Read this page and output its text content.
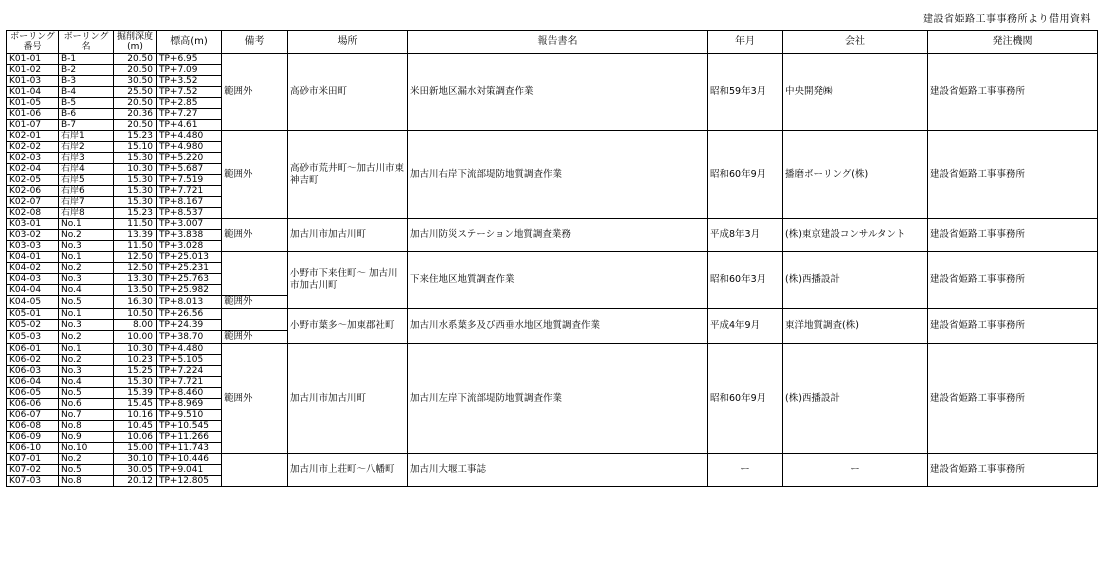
建設省姫路工事事務所より借用資料
ボーリング番号	ボーリング名	掘削深度(m)	標高(m)	備考	場所	報告書名	年月	会社	発注機関
K01-01	B-1	20.50	TP+6.95	範囲外	高砂市米田町	米田新地区漏水対策調査作業	昭和59年3月	中央開発㈱	建設省姫路工事事務所
K01-02	B-2	20.50	TP+7.09						
K01-03	B-3	30.50	TP+3.52						
K01-04	B-4	25.50	TP+7.52						
K01-05	B-5	20.50	TP+2.85						
K01-06	B-6	20.36	TP+7.27						
K01-07	B-7	20.50	TP+4.61						
K02-01	右岸1	15.23	TP+4.480	範囲外	高砂市荒井町～加古川市東神吉町	加古川右岸下流部堤防地質調査作業	昭和60年9月	播磨ボーリング(株)	建設省姫路工事事務所
K02-02	右岸2	15.10	TP+4.980						
K02-03	右岸3	15.30	TP+5.220						
K02-04	右岸4	10.30	TP+5.687						
K02-05	右岸5	15.30	TP+7.519						
K02-06	右岸6	15.30	TP+7.721						
K02-07	右岸7	15.30	TP+8.167						
K02-08	右岸8	15.23	TP+8.537						
K03-01	No.1	11.50	TP+3.007	範囲外	加古川市加古川町	加古川防災ステーション地質調査業務	平成8年3月	(株)東京建設コンサルタント	建設省姫路工事事務所
K03-02	No.2	13.39	TP+3.838						
K03-03	No.3	11.50	TP+3.028						
K04-01	No.1	12.50	TP+25.013		小野市下来住町～ 加古川市加古川町	下来住地区地質調査作業	昭和60年3月	(株)西播設計	建設省姫路工事事務所
K04-02	No.2	12.50	TP+25.231						
K04-03	No.3	13.30	TP+25.763						
K04-04	No.4	13.50	TP+25.982						
K04-05	No.5	16.30	TP+8.013	範囲外					
K05-01	No.1	10.50	TP+26.56		小野市葉多～加東郡社町	加古川水系葉多及び西垂水地区地質調査作業	平成4年9月	東洋地質調査(株)	建設省姫路工事事務所
K05-02	No.3	8.00	TP+24.39						
K05-03	No.2	10.00	TP+38.70	範囲外					
K06-01	No.1	10.30	TP+4.480	範囲外	加古川市加古川町	加古川左岸下流部堤防地質調査作業	昭和60年9月	(株)西播設計	建設省姫路工事事務所
K06-02	No.2	10.23	TP+5.105						
K06-03	No.3	15.25	TP+7.224						
K06-04	No.4	15.30	TP+7.721						
K06-05	No.5	15.39	TP+8.460						
K06-06	No.6	15.45	TP+8.969						
K06-07	No.7	10.16	TP+9.510						
K06-08	No.8	10.45	TP+10.545						
K06-09	No.9	10.06	TP+11.266						
K06-10	No.10	15.00	TP+11.743						
K07-01	No.2	30.10	TP+10.446		加古川市上荘町～八幡町	加古川大堰工事誌	ー	ー	建設省姫路工事事務所
K07-02	No.5	30.05	TP+9.041						
K07-03	No.8	20.12	TP+12.805						
